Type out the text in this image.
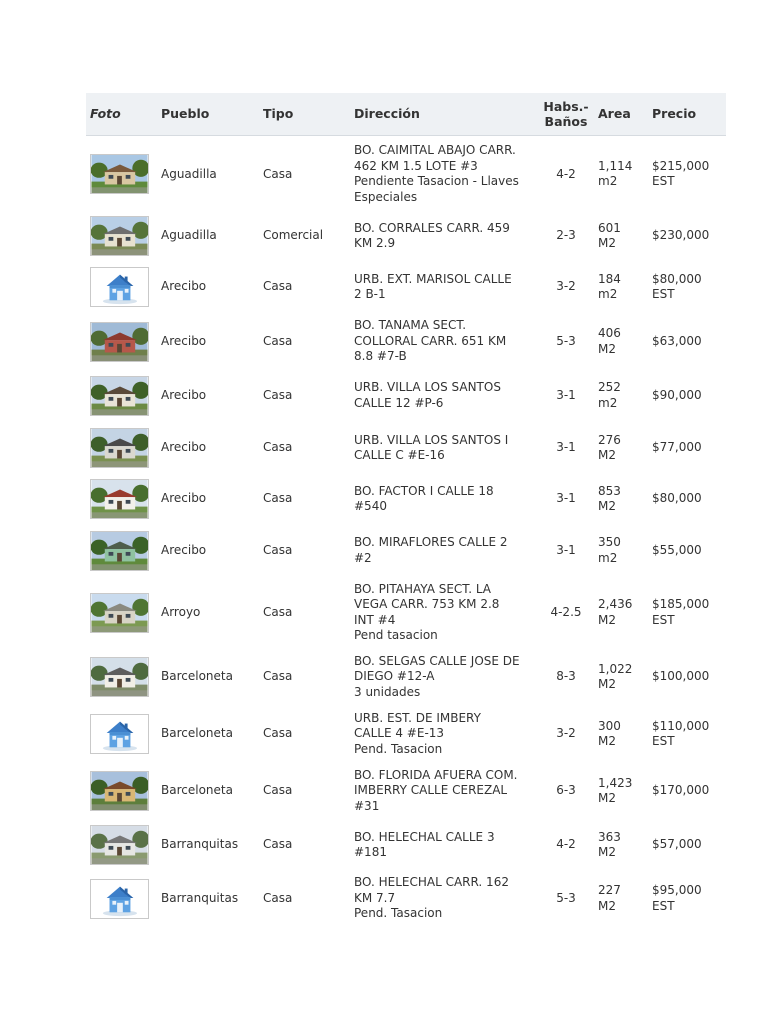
Foto	Pueblo	Tipo	Dirección	Habs.-
Baños	Area	Precio

	Aguadilla	Casa	BO. CAIMITAL ABAJO CARR.
462 KM 1.5 LOTE #3
Pendiente Tasacion - Llaves
Especiales	4-2	1,114
m2	$215,000
EST

	Aguadilla	Comercial	BO. CORRALES CARR. 459
KM 2.9	2-3	601
M2	$230,000

	Arecibo	Casa	URB. EXT. MARISOL CALLE
2 B-1	3-2	184
m2	$80,000
EST

	Arecibo	Casa	BO. TANAMA SECT.
COLLORAL CARR. 651 KM
8.8 #7-B	5-3	406
M2	$63,000

	Arecibo	Casa	URB. VILLA LOS SANTOS
CALLE 12 #P-6	3-1	252
m2	$90,000

	Arecibo	Casa	URB. VILLA LOS SANTOS I
CALLE C #E-16	3-1	276
M2	$77,000

	Arecibo	Casa	BO. FACTOR I CALLE 18
#540	3-1	853
M2	$80,000

	Arecibo	Casa	BO. MIRAFLORES CALLE 2
#2	3-1	350
m2	$55,000

	Arroyo	Casa	BO. PITAHAYA SECT. LA
VEGA CARR. 753 KM 2.8
INT #4
Pend tasacion	4-2.5	2,436
M2	$185,000
EST

	Barceloneta	Casa	BO. SELGAS CALLE JOSE DE
DIEGO #12-A
3 unidades	8-3	1,022
M2	$100,000

	Barceloneta	Casa	URB. EST. DE IMBERY
CALLE 4 #E-13
Pend. Tasacion	3-2	300
M2	$110,000
EST

	Barceloneta	Casa	BO. FLORIDA AFUERA COM.
IMBERRY CALLE CEREZAL
#31	6-3	1,423
M2	$170,000

	Barranquitas	Casa	BO. HELECHAL CALLE 3
#181	4-2	363
M2	$57,000

	Barranquitas	Casa	BO. HELECHAL CARR. 162
KM 7.7
Pend. Tasacion	5-3	227
M2	$95,000
EST
